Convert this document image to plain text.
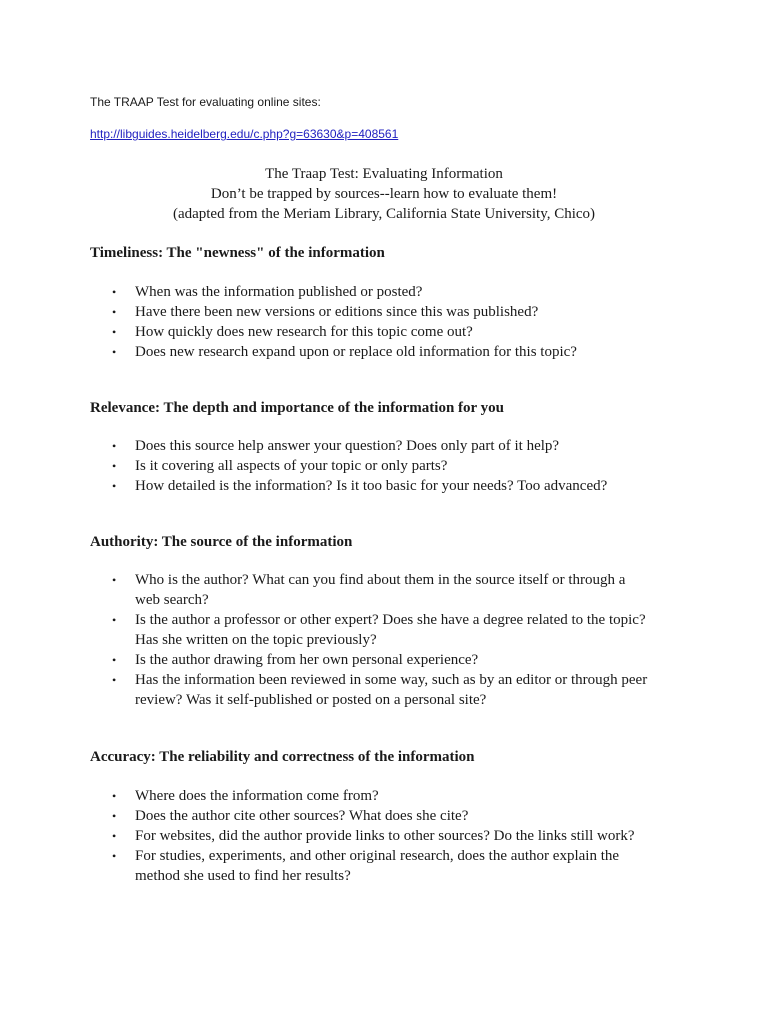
The TRAAP Test for evaluating online sites:
http://libguides.heidelberg.edu/c.php?g=63630&p=408561
The Traap Test: Evaluating Information
Don’t be trapped by sources--learn how to evaluate them!
(adapted from the Meriam Library, California State University, Chico)
Timeliness: The "newness" of the information
• When was the information published or posted?
• Have there been new versions or editions since this was published?
• How quickly does new research for this topic come out?
• Does new research expand upon or replace old information for this topic?
Relevance: The depth and importance of the information for you
• Does this source help answer your question? Does only part of it help?
• Is it covering all aspects of your topic or only parts?
• How detailed is the information? Is it too basic for your needs? Too advanced?
Authority: The source of the information
• Who is the author? What can you find about them in the source itself or through a web search?
• Is the author a professor or other expert? Does she have a degree related to the topic? Has she written on the topic previously?
• Is the author drawing from her own personal experience?
• Has the information been reviewed in some way, such as by an editor or through peer review? Was it self-published or posted on a personal site?
Accuracy: The reliability and correctness of the information
• Where does the information come from?
• Does the author cite other sources? What does she cite?
• For websites, did the author provide links to other sources? Do the links still work?
• For studies, experiments, and other original research, does the author explain the method she used to find her results?
